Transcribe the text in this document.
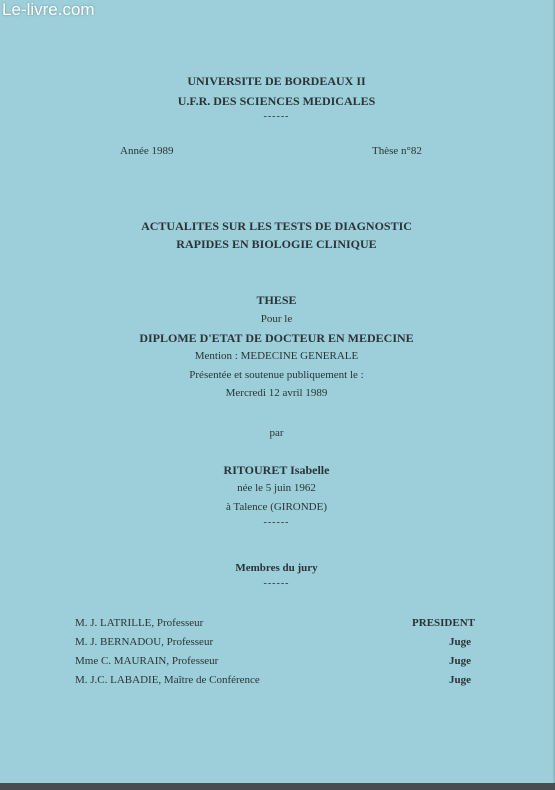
UNIVERSITE DE BORDEAUX II
U.F.R. DES SCIENCES MEDICALES
------
Année 1989	Thèse n°82
ACTUALITES SUR LES TESTS DE DIAGNOSTIC
RAPIDES EN BIOLOGIE CLINIQUE
THESE
Pour le
DIPLOME D'ETAT DE DOCTEUR EN MEDECINE
Mention : MEDECINE GENERALE
Présentée et soutenue publiquement le :
Mercredi 12 avril 1989
par
RITOURET Isabelle
née le 5 juin 1962
à Talence (GIRONDE)
------
Membres du jury
------
M. J. LATRILLE, Professeur	PRESIDENT
M. J. BERNADOU, Professeur	Juge
Mme C. MAURAIN, Professeur	Juge
M. J.C. LABADIE, Maître de Conférence	Juge
Le-livre.com
